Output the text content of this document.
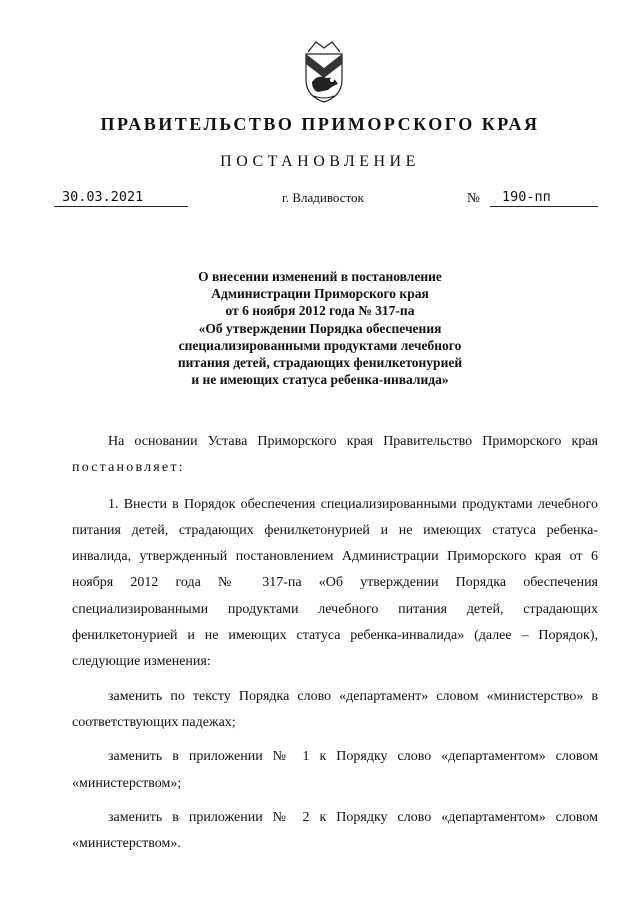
ПРАВИТЕЛЬСТВО ПРИМОРСКОГО КРАЯ
ПОСТАНОВЛЕНИЕ
30.03.2021	г. Владивосток	№	190-пп
О внесении изменений в постановление
Администрации Приморского края
от 6 ноября 2012 года № 317-па
«Об утверждении Порядка обеспечения
специализированными продуктами лечебного
питания детей, страдающих фенилкетонурией
и не имеющих статуса ребенка-инвалида»

На основании Устава Приморского края Правительство Приморского края постановляет:

1. Внести в Порядок обеспечения специализированными продуктами лечебного питания детей, страдающих фенилкетонурией и не имеющих статуса ребенка-инвалида, утвержденный постановлением Администрации Приморского края от 6 ноября 2012 года № 317-па «Об утверждении Порядка обеспечения специализированными продуктами лечебного питания детей, страдающих фенилкетонурией и не имеющих статуса ребенка-инвалида» (далее – Порядок), следующие изменения:

заменить по тексту Порядка слово «департамент» словом «министерство» в соответствующих падежах;

заменить в приложении № 1 к Порядку слово «департаментом» словом «министерством»;

заменить в приложении № 2 к Порядку слово «департаментом» словом «министерством».
